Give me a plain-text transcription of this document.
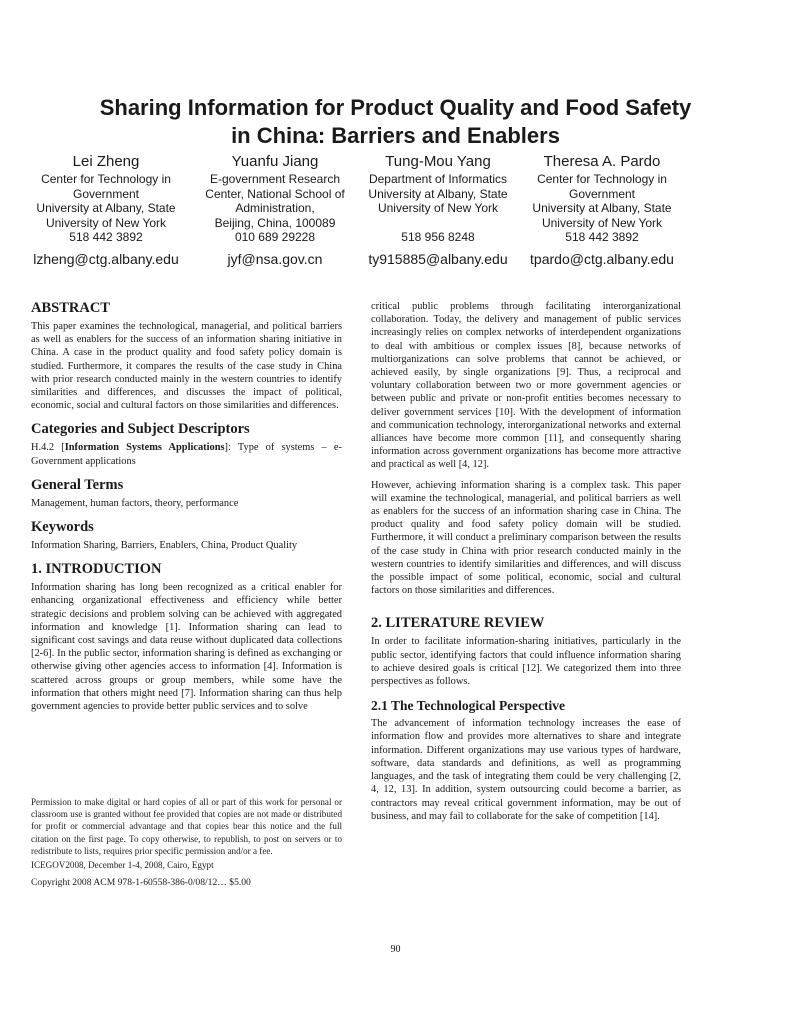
Sharing Information for Product Quality and Food Safety
in China: Barriers and Enablers
Lei Zheng
Center for Technology in
Government
University at Albany, State
University of New York
518 442 3892
lzheng@ctg.albany.edu
Yuanfu Jiang
E-government Research
Center, National School of
Administration,
Beijing, China, 100089
010 689 29228
jyf@nsa.gov.cn
Tung-Mou Yang
Department of Informatics
University at Albany, State
University of New York
518 956 8248
ty915885@albany.edu
Theresa A. Pardo
Center for Technology in
Government
University at Albany, State
University of New York
518 442 3892
tpardo@ctg.albany.edu
ABSTRACT

This paper examines the technological, managerial, and political barriers as well as enablers for the success of an information sharing initiative in China. A case in the product quality and food safety policy domain is studied. Furthermore, it compares the results of the case study in China with prior research conducted mainly in the western countries to identify similarities and differences, and discusses the impact of political, economic, social and cultural factors on those similarities and differences.

Categories and Subject Descriptors

H.4.2 [Information Systems Applications]: Type of systems – e-Government applications

General Terms

Management, human factors, theory, performance

Keywords

Information Sharing, Barriers, Enablers, China, Product Quality

1. INTRODUCTION

Information sharing has long been recognized as a critical enabler for enhancing organizational effectiveness and efficiency while better strategic decisions and problem solving can be achieved with aggregated information and knowledge [1]. Information sharing can lead to significant cost savings and data reuse without duplicated data collections [2-6]. In the public sector, information sharing is defined as exchanging or otherwise giving other agencies access to information [4]. Information is scattered across groups or group members, while some have the information that others might need [7]. Information sharing can thus help government agencies to provide better public services and to solve

Permission to make digital or hard copies of all or part of this work for personal or classroom use is granted without fee provided that copies are not made or distributed for profit or commercial advantage and that copies bear this notice and the full citation on the first page. To copy otherwise, to republish, to post on servers or to redistribute to lists, requires prior specific permission and/or a fee.

ICEGOV2008, December 1-4, 2008, Cairo, Egypt

Copyright 2008 ACM 978-1-60558-386-0/08/12… $5.00

critical public problems through facilitating interorganizational collaboration. Today, the delivery and management of public services increasingly relies on complex networks of interdependent organizations to deal with ambitious or complex issues [8], because networks of multiorganizations can solve problems that cannot be achieved, or achieved easily, by single organizations [9]. Thus, a reciprocal and voluntary collaboration between two or more government agencies or between public and private or non-profit entities becomes necessary to deliver government services [10]. With the development of information and communication technology, interorganizational networks and external alliances have become more common [11], and consequently sharing information across government organizations has become more attractive and practical as well [4, 12].

However, achieving information sharing is a complex task. This paper will examine the technological, managerial, and political barriers as well as enablers for the success of an information sharing case in China. The product quality and food safety policy domain will be studied. Furthermore, it will conduct a preliminary comparison between the results of the case study in China with prior research conducted mainly in the western countries to identify similarities and differences, and will discuss the possible impact of some political, economic, social and cultural factors on those similarities and differences.

2. LITERATURE REVIEW

In order to facilitate information-sharing initiatives, particularly in the public sector, identifying factors that could influence information sharing to achieve desired goals is critical [12]. We categorized them into three perspectives as follows.

2.1 The Technological Perspective

The advancement of information technology increases the ease of information flow and provides more alternatives to share and integrate information. Different organizations may use various types of hardware, software, data standards and definitions, as well as programming languages, and the task of integrating them could be very challenging [2, 4, 12, 13]. In addition, system outsourcing could become a barrier, as contractors may reveal critical government information, may be out of business, and may fail to collaborate for the sake of competition [14].

90
